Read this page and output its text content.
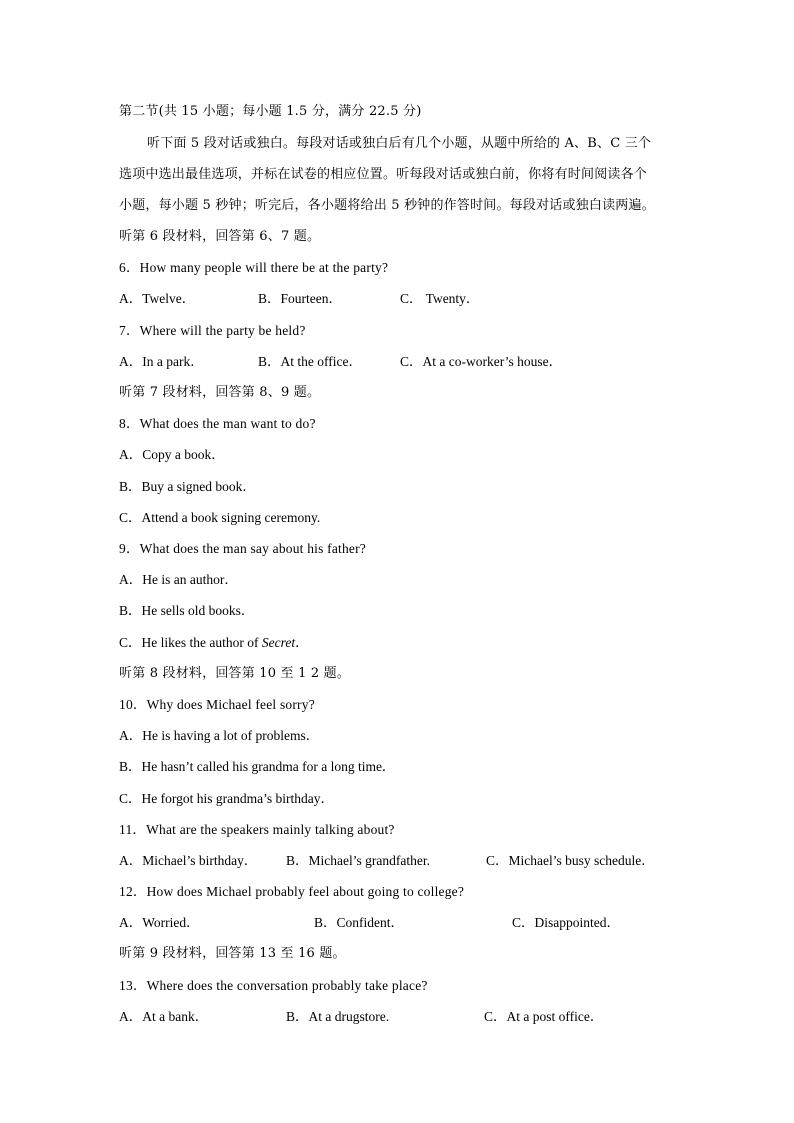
第二节(共 15 小题；每小题 1.5 分，满分 22.5 分)
听下面 5 段对话或独白。每段对话或独白后有几个小题，从题中所给的 A、B、C 三个
选项中选出最佳选项，并标在试卷的相应位置。听每段对话或独白前，你将有时间阅读各个
小题，每小题 5 秒钟；听完后，各小题将给出 5 秒钟的作答时间。每段对话或独白读两遍。
听第 6 段材料，回答第 6、7 题。
6．How many people will there be at the party?
A．Twelve．	B．Fourteen．	C． Twenty．
7．Where will the party be held?
A．In a park．	B．At the office．	C．At a co-worker’s house．
听第 7 段材料，回答第 8、9 题。
8．What does the man want to do?
A．Copy a book．
B．Buy a signed book．
C．Attend a book signing ceremony.
9．What does the man say about his father?
A．He is an author．
B．He sells old books．
C．He likes the author of Secret．
听第 8 段材料，回答第 10 至 1 2 题。
10．Why does Michael feel sorry?
A．He is having a lot of problems．
B．He hasn’t called his grandma for a long time．
C．He forgot his grandma’s birthday．
11．What are the speakers mainly talking about?
A．Michael’s birthday． B．Michael’s grandfather.	C．Michael’s busy schedule．
12．How does Michael probably feel about going to college?
A．Worried．	B．Confident．	C．Disappointed．
听第 9 段材料，回答第 13 至 16 题。
13．Where does the conversation probably take place?
A．At a bank．	B．At a drugstore.	C．At a post office．
